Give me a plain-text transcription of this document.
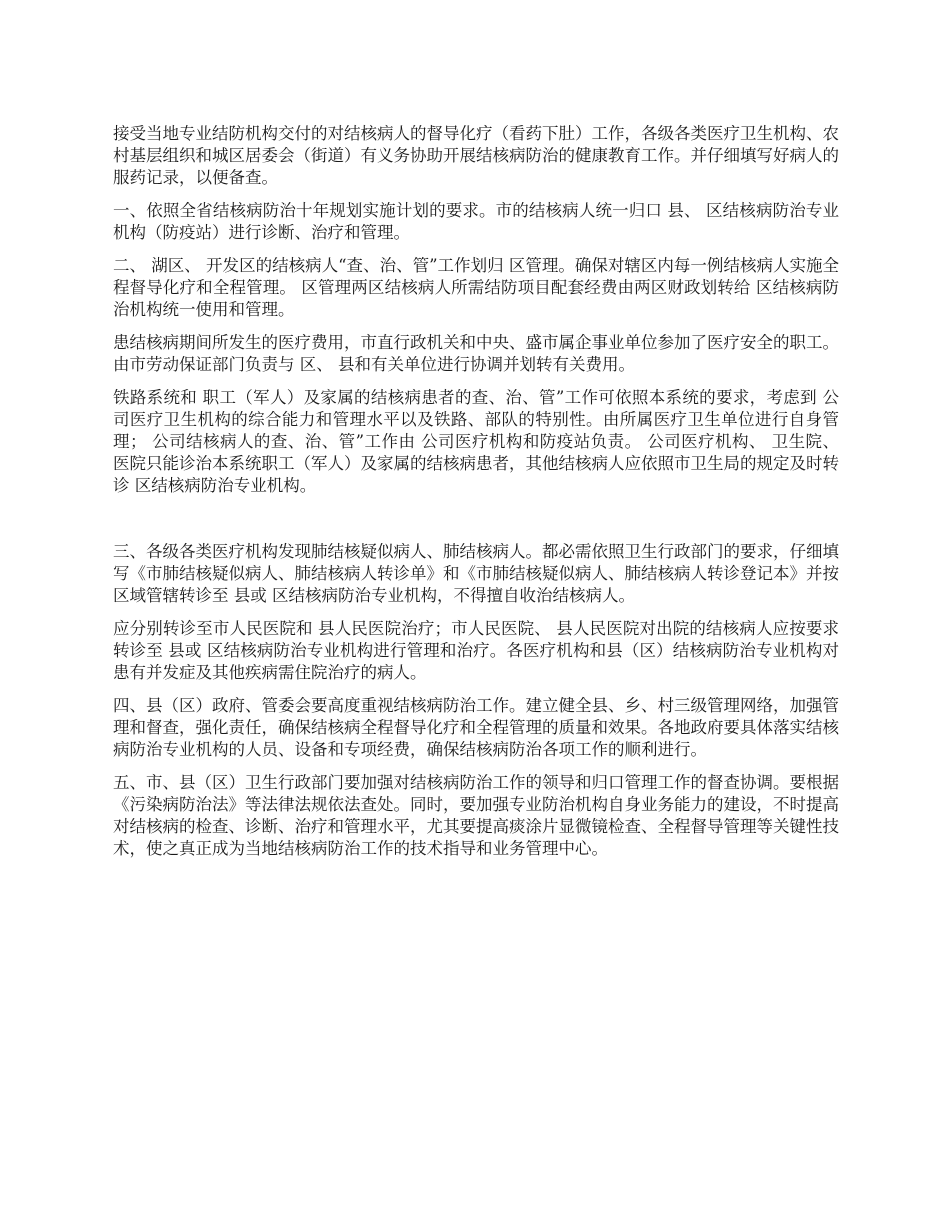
接受当地专业结防机构交付的对结核病人的督导化疗（看药下肚）工作，各级各类医疗卫生机构、农村基层组织和城区居委会（街道）有义务协助开展结核病防治的健康教育工作。并仔细填写好病人的服药记录，以便备查。

一、依照全省结核病防治十年规划实施计划的要求。市的结核病人统一归口 县、 区结核病防治专业机构（防疫站）进行诊断、治疗和管理。

二、 湖区、 开发区的结核病人“查、治、管”工作划归 区管理。确保对辖区内每一例结核病人实施全程督导化疗和全程管理。 区管理两区结核病人所需结防项目配套经费由两区财政划转给 区结核病防治机构统一使用和管理。

患结核病期间所发生的医疗费用，市直行政机关和中央、盛市属企事业单位参加了医疗安全的职工。由市劳动保证部门负责与 区、 县和有关单位进行协调并划转有关费用。

铁路系统和 职工（军人）及家属的结核病患者的查、治、管”工作可依照本系统的要求，考虑到 公司医疗卫生机构的综合能力和管理水平以及铁路、部队的特别性。由所属医疗卫生单位进行自身管理； 公司结核病人的查、治、管”工作由 公司医疗机构和防疫站负责。 公司医疗机构、 卫生院、 医院只能诊治本系统职工（军人）及家属的结核病患者，其他结核病人应依照市卫生局的规定及时转诊 区结核病防治专业机构。

三、各级各类医疗机构发现肺结核疑似病人、肺结核病人。都必需依照卫生行政部门的要求，仔细填写《市肺结核疑似病人、肺结核病人转诊单》和《市肺结核疑似病人、肺结核病人转诊登记本》并按区域管辖转诊至 县或 区结核病防治专业机构，不得擅自收治结核病人。

应分别转诊至市人民医院和 县人民医院治疗；市人民医院、 县人民医院对出院的结核病人应按要求转诊至 县或 区结核病防治专业机构进行管理和治疗。各医疗机构和县（区）结核病防治专业机构对患有并发症及其他疾病需住院治疗的病人。

四、县（区）政府、管委会要高度重视结核病防治工作。建立健全县、乡、村三级管理网络，加强管理和督查，强化责任，确保结核病全程督导化疗和全程管理的质量和效果。各地政府要具体落实结核病防治专业机构的人员、设备和专项经费，确保结核病防治各项工作的顺利进行。

五、市、县（区）卫生行政部门要加强对结核病防治工作的领导和归口管理工作的督查协调。要根据《污染病防治法》等法律法规依法查处。同时，要加强专业防治机构自身业务能力的建设，不时提高对结核病的检查、诊断、治疗和管理水平，尤其要提高痰涂片显微镜检查、全程督导管理等关键性技术，使之真正成为当地结核病防治工作的技术指导和业务管理中心。
